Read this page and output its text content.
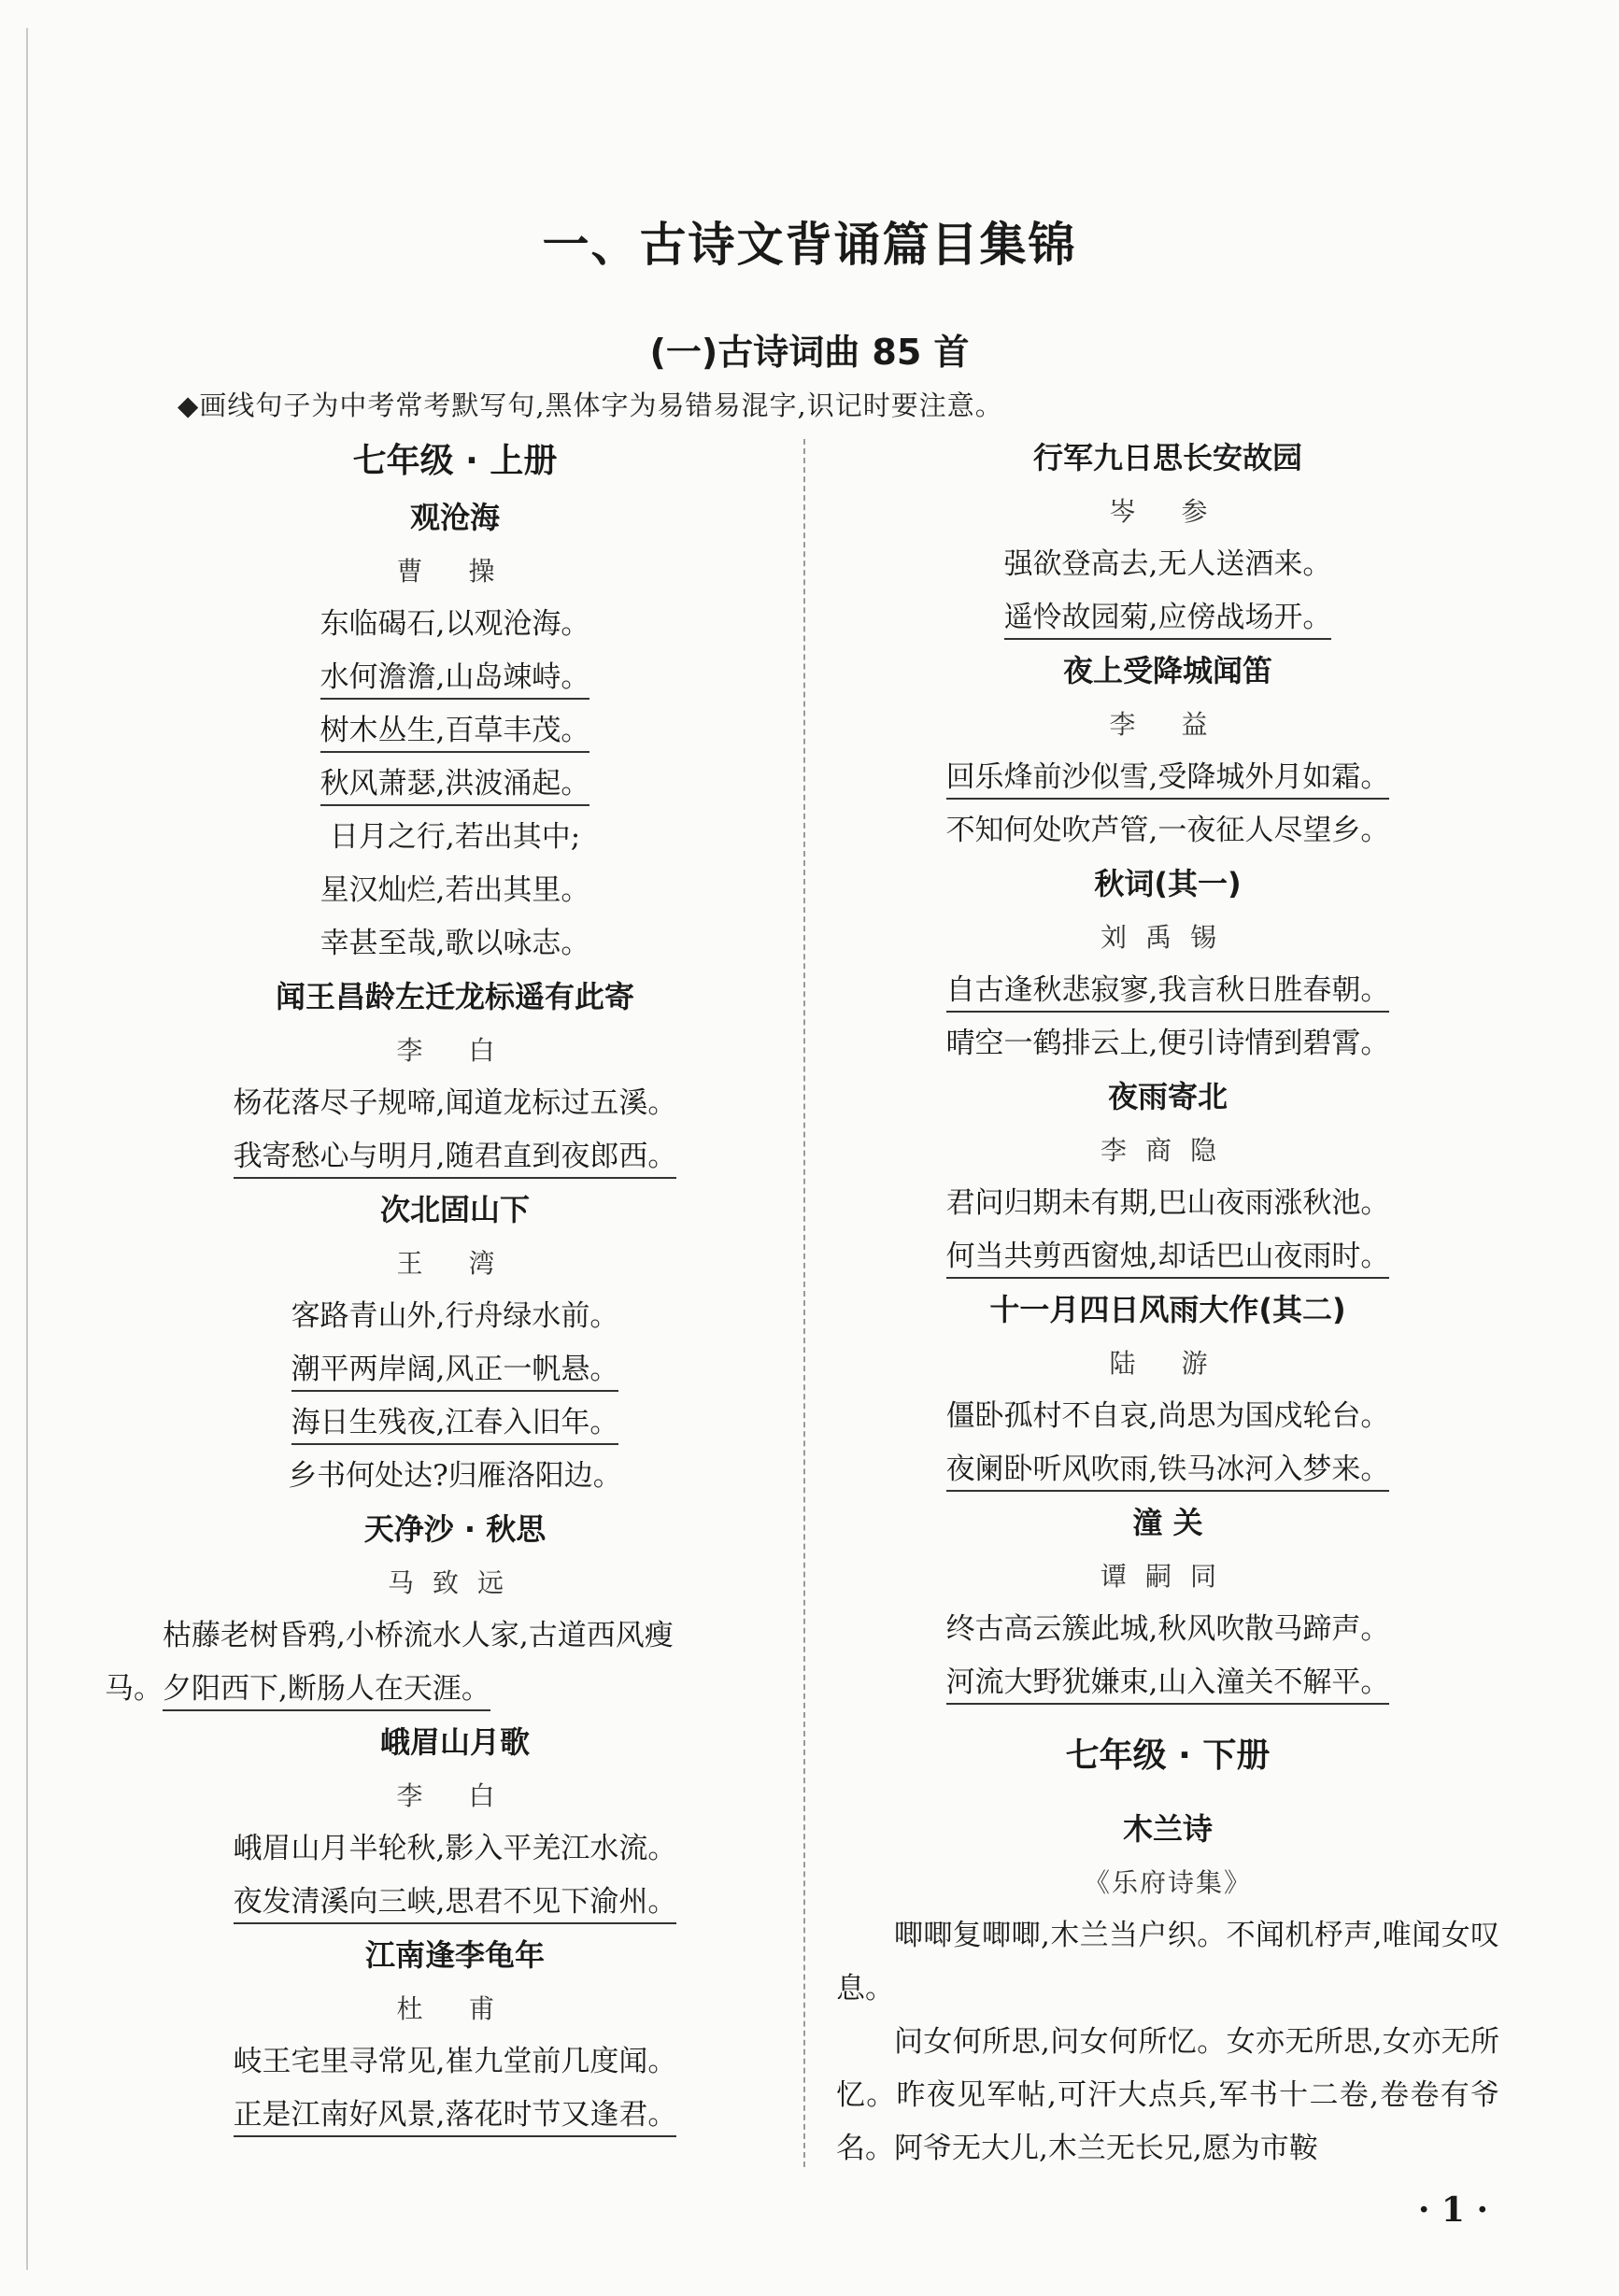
一、古诗文背诵篇目集锦
(一)古诗词曲 85 首
◆画线句子为中考常考默写句,黑体字为易错易混字,识记时要注意。
七年级 · 上册
观沧海
曹 操
东临碣石,以观沧海。
水何澹澹,山岛竦峙。
树木丛生,百草丰茂。
秋风萧瑟,洪波涌起。
日月之行,若出其中;
星汉灿烂,若出其里。
幸甚至哉,歌以咏志。
闻王昌龄左迁龙标遥有此寄
李 白
杨花落尽子规啼,闻道龙标过五溪。
我寄愁心与明月,随君直到夜郎西。
次北固山下
王 湾
客路青山外,行舟绿水前。
潮平两岸阔,风正一帆悬。
海日生残夜,江春入旧年。
乡书何处达?归雁洛阳边。
天净沙 · 秋思
马致远
枯藤老树昏鸦,小桥流水人家,古道西风瘦
马。夕阳西下,断肠人在天涯。
峨眉山月歌
李 白
峨眉山月半轮秋,影入平羌江水流。
夜发清溪向三峡,思君不见下渝州。
江南逢李龟年
杜 甫
岐王宅里寻常见,崔九堂前几度闻。
正是江南好风景,落花时节又逢君。
行军九日思长安故园
岑 参
强欲登高去,无人送酒来。
遥怜故园菊,应傍战场开。
夜上受降城闻笛
李 益
回乐烽前沙似雪,受降城外月如霜。
不知何处吹芦管,一夜征人尽望乡。
秋词(其一)
刘禹锡
自古逢秋悲寂寥,我言秋日胜春朝。
晴空一鹤排云上,便引诗情到碧霄。
夜雨寄北
李商隐
君问归期未有期,巴山夜雨涨秋池。
何当共剪西窗烛,却话巴山夜雨时。
十一月四日风雨大作(其二)
陆 游
僵卧孤村不自哀,尚思为国戍轮台。
夜阑卧听风吹雨,铁马冰河入梦来。
潼 关
谭嗣同
终古高云簇此城,秋风吹散马蹄声。
河流大野犹嫌束,山入潼关不解平。
七年级 · 下册
木兰诗
《乐府诗集》
唧唧复唧唧,木兰当户织。不闻机杼声,唯闻女叹息。
问女何所思,问女何所忆。女亦无所思,女亦无所忆。昨夜见军帖,可汗大点兵,军书十二卷,卷卷有爷名。阿爷无大儿,木兰无长兄,愿为市鞍
· 1 ·
